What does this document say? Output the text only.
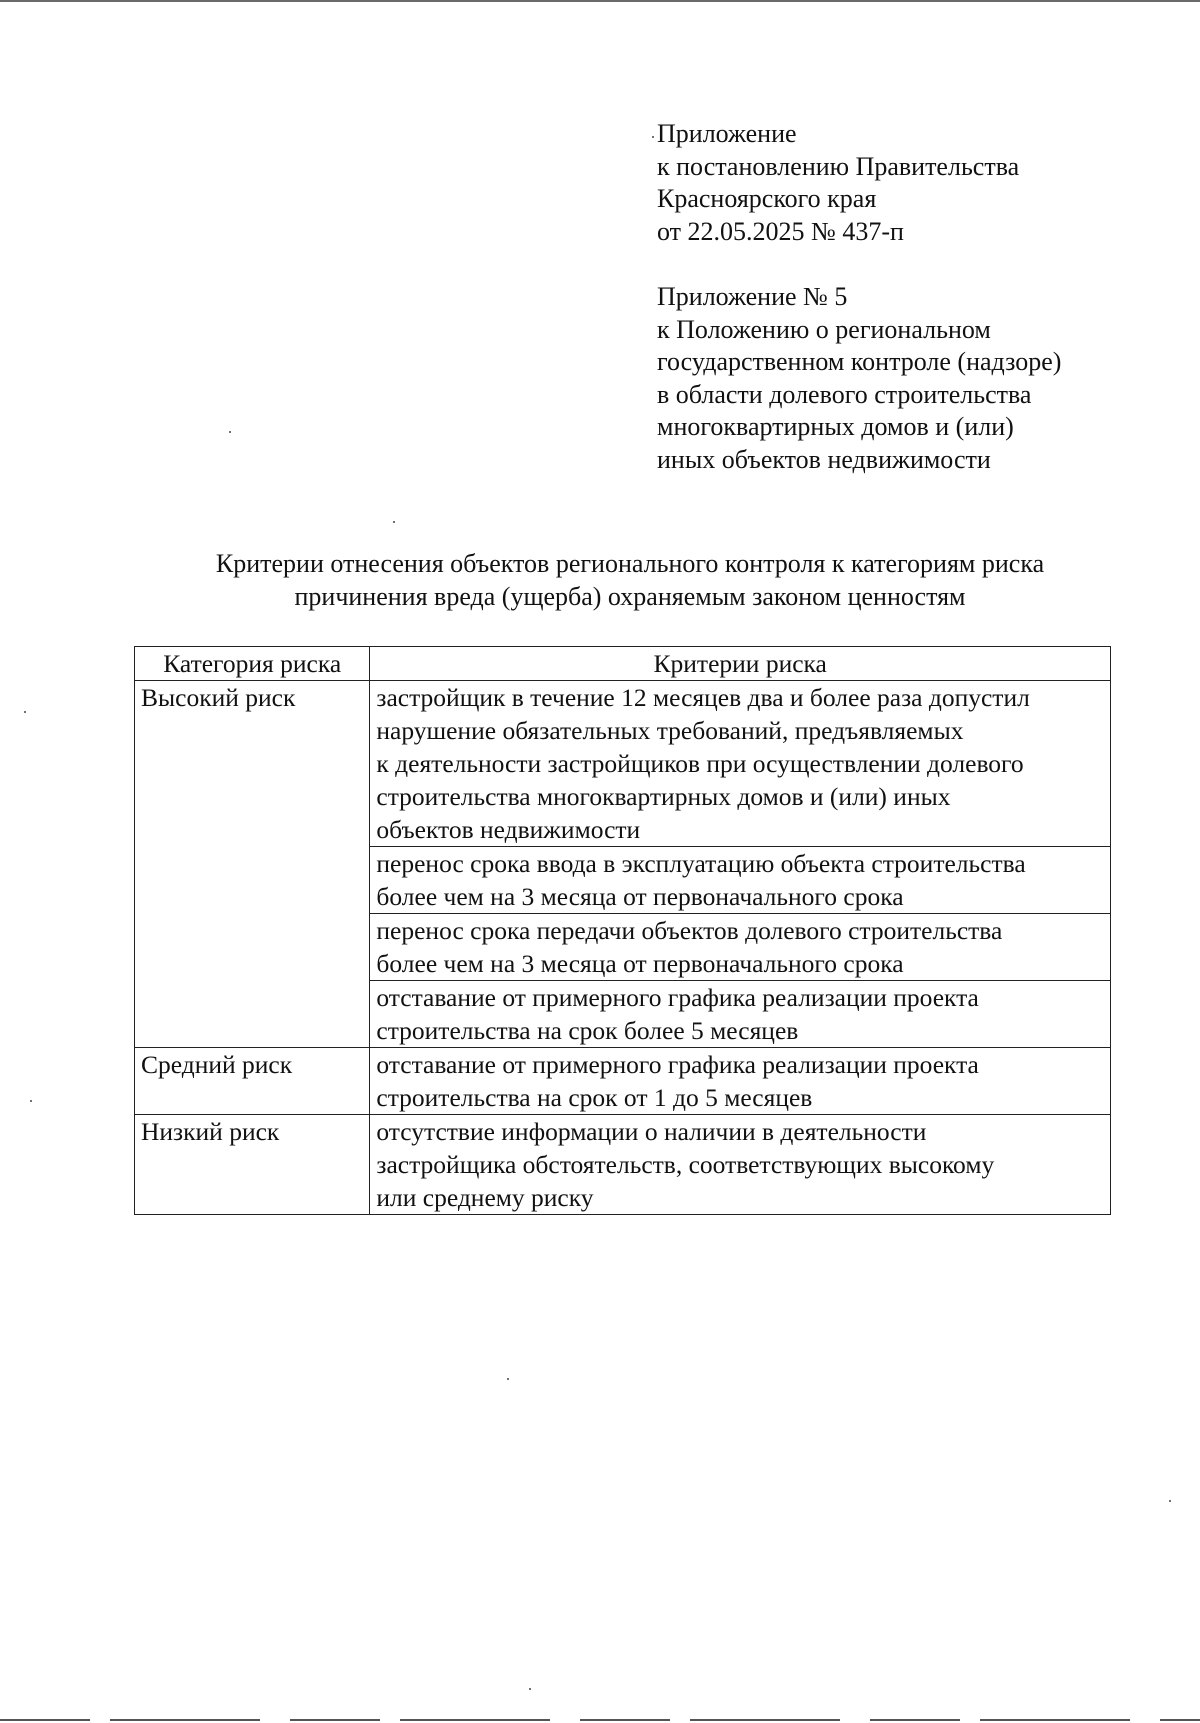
Приложение
к постановлению Правительства
Красноярского края
от 22.05.2025 № 437-п
Приложение № 5
к Положению о региональном
государственном контроле (надзоре)
в области долевого строительства
многоквартирных домов и (или)
иных объектов недвижимости
Критерии отнесения объектов регионального контроля к категориям риска
причинения вреда (ущерба) охраняемым законом ценностям
Категория риска	Критерии риска
Высокий риск	застройщик в течение 12 месяцев два и более раза допустил
нарушение обязательных требований, предъявляемых
к деятельности застройщиков при осуществлении долевого
строительства многоквартирных домов и (или) иных
объектов недвижимости

	перенос срока ввода в эксплуатацию объекта строительства
более чем на 3 месяца от первоначального срока

	перенос срока передачи объектов долевого строительства
более чем на 3 месяца от первоначального срока

	отставание от примерного графика реализации проекта
строительства на срок более 5 месяцев

Средний риск	отставание от примерного графика реализации проекта
строительства на срок от 1 до 5 месяцев

Низкий риск	отсутствие информации о наличии в деятельности
застройщика обстоятельств, соответствующих высокому
или среднему риску
